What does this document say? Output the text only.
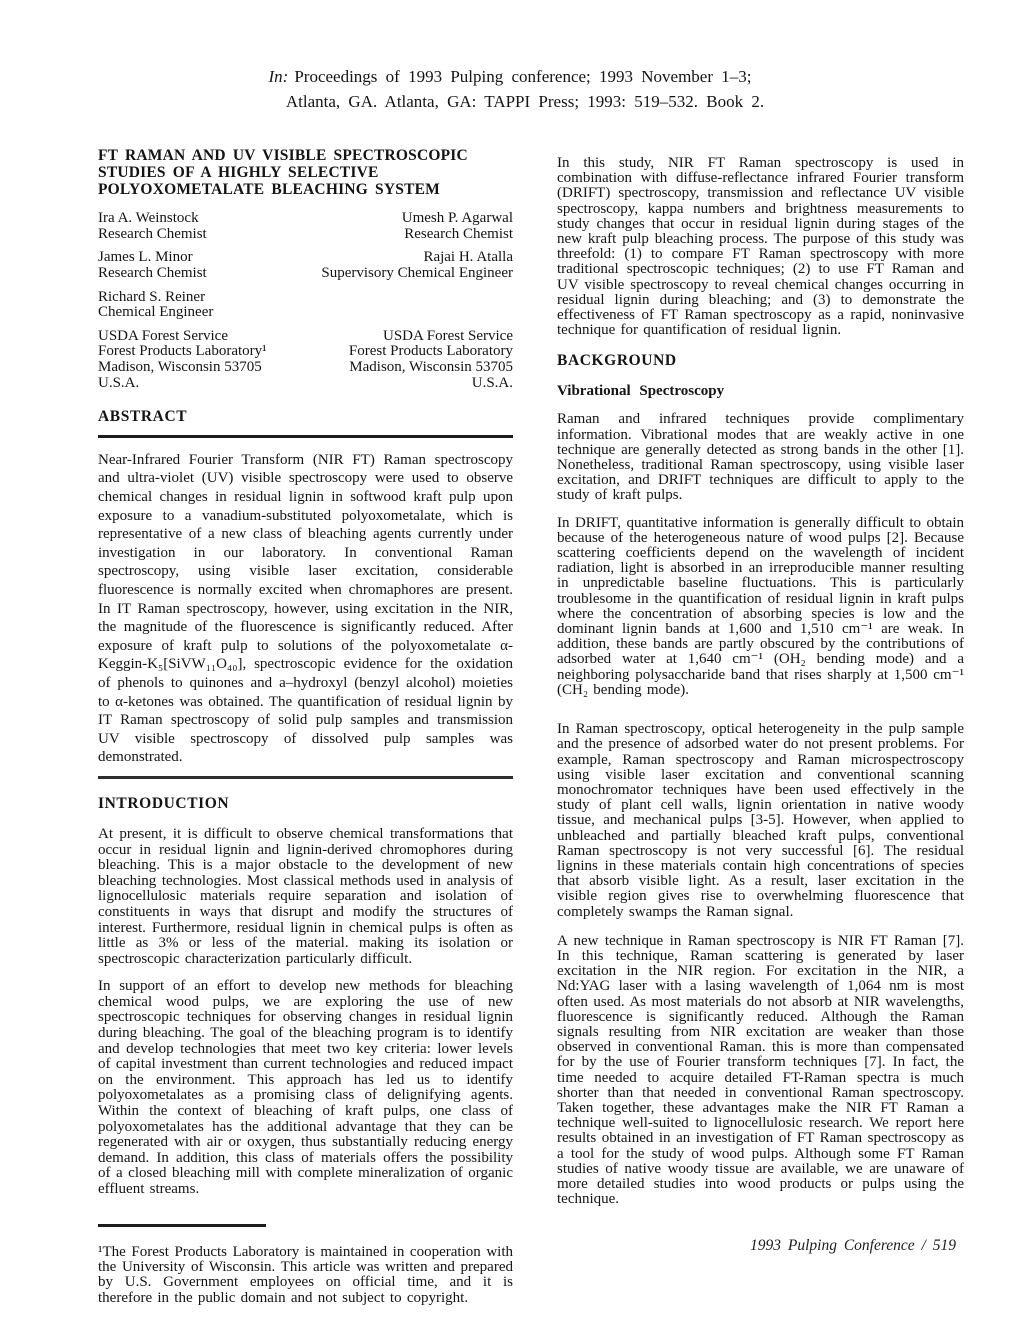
In: Proceedings of 1993 Pulping conference; 1993 November 1–3;
Atlanta, GA. Atlanta, GA: TAPPI Press; 1993: 519–532. Book 2.
FT RAMAN AND UV VISIBLE SPECTROSCOPIC
STUDIES OF A HIGHLY SELECTIVE
POLYOXOMETALATE BLEACHING SYSTEM
Ira A. Weinstock
Research Chemist
Umesh P. Agarwal
Research Chemist
James L. Minor
Research Chemist
Rajai H. Atalla
Supervisory Chemical Engineer
Richard S. Reiner
Chemical Engineer
USDA Forest Service
Forest Products Laboratory¹
Madison, Wisconsin 53705
U.S.A.
USDA Forest Service
Forest Products Laboratory
Madison, Wisconsin 53705
U.S.A.
ABSTRACT

Near-Infrared Fourier Transform (NIR FT) Raman spectroscopy and ultra-violet (UV) visible spectroscopy were used to observe chemical changes in residual lignin in softwood kraft pulp upon exposure to a vanadium-substituted polyoxometalate, which is representative of a new class of bleaching agents currently under investigation in our laboratory. In conventional Raman spectroscopy, using visible laser excitation, considerable fluorescence is normally excited when chromaphores are present. In IT Raman spectroscopy, however, using excitation in the NIR, the magnitude of the fluorescence is significantly reduced. After exposure of kraft pulp to solutions of the polyoxometalate α-Keggin-K₅[SiVW₁₁O₄₀], spectroscopic evidence for the oxidation of phenols to quinones and a–hydroxyl (benzyl alcohol) moieties to α-ketones was obtained. The quantification of residual lignin by IT Raman spectroscopy of solid pulp samples and transmission UV visible spectroscopy of dissolved pulp samples was demonstrated.

INTRODUCTION

At present, it is difficult to observe chemical transformations that occur in residual lignin and lignin-derived chromophores during bleaching. This is a major obstacle to the development of new bleaching technologies. Most classical methods used in analysis of lignocellulosic materials require separation and isolation of constituents in ways that disrupt and modify the structures of interest. Furthermore, residual lignin in chemical pulps is often as little as 3% or less of the material. making its isolation or spectroscopic characterization particularly difficult.

In support of an effort to develop new methods for bleaching chemical wood pulps, we are exploring the use of new spectroscopic techniques for observing changes in residual lignin during bleaching. The goal of the bleaching program is to identify and develop technologies that meet two key criteria: lower levels of capital investment than current technologies and reduced impact on the environment. This approach has led us to identify polyoxometalates as a promising class of delignifying agents. Within the context of bleaching of kraft pulps, one class of polyoxometalates has the additional advantage that they can be regenerated with air or oxygen, thus substantially reducing energy demand. In addition, this class of materials offers the possibility of a closed bleaching mill with complete mineralization of organic effluent streams.

¹The Forest Products Laboratory is maintained in cooperation with the University of Wisconsin. This article was written and prepared by U.S. Government employees on official time, and it is therefore in the public domain and not subject to copyright.

In this study, NIR FT Raman spectroscopy is used in combination with diffuse-reflectance infrared Fourier transform (DRIFT) spectroscopy, transmission and reflectance UV visible spectroscopy, kappa numbers and brightness measurements to study changes that occur in residual lignin during stages of the new kraft pulp bleaching process. The purpose of this study was threefold: (1) to compare FT Raman spectroscopy with more traditional spectroscopic techniques; (2) to use FT Raman and UV visible spectroscopy to reveal chemical changes occurring in residual lignin during bleaching; and (3) to demonstrate the effectiveness of FT Raman spectroscopy as a rapid, noninvasive technique for quantification of residual lignin.

BACKGROUND
Vibrational Spectroscopy

Raman and infrared techniques provide complimentary information. Vibrational modes that are weakly active in one technique are generally detected as strong bands in the other [1]. Nonetheless, traditional Raman spectroscopy, using visible laser excitation, and DRIFT techniques are difficult to apply to the study of kraft pulps.

In DRIFT, quantitative information is generally difficult to obtain because of the heterogeneous nature of wood pulps [2]. Because scattering coefficients depend on the wavelength of incident radiation, light is absorbed in an irreproducible manner resulting in unpredictable baseline fluctuations. This is particularly troublesome in the quantification of residual lignin in kraft pulps where the concentration of absorbing species is low and the dominant lignin bands at 1,600 and 1,510 cm⁻¹ are weak. In addition, these bands are partly obscured by the contributions of adsorbed water at 1,640 cm⁻¹ (OH₂ bending mode) and a neighboring polysaccharide band that rises sharply at 1,500 cm⁻¹ (CH₂ bending mode).

In Raman spectroscopy, optical heterogeneity in the pulp sample and the presence of adsorbed water do not present problems. For example, Raman spectroscopy and Raman microspectroscopy using visible laser excitation and conventional scanning monochromator techniques have been used effectively in the study of plant cell walls, lignin orientation in native woody tissue, and mechanical pulps [3-5]. However, when applied to unbleached and partially bleached kraft pulps, conventional Raman spectroscopy is not very successful [6]. The residual lignins in these materials contain high concentrations of species that absorb visible light. As a result, laser excitation in the visible region gives rise to overwhelming fluorescence that completely swamps the Raman signal.

A new technique in Raman spectroscopy is NIR FT Raman [7]. In this technique, Raman scattering is generated by laser excitation in the NIR region. For excitation in the NIR, a Nd:YAG laser with a lasing wavelength of 1,064 nm is most often used. As most materials do not absorb at NIR wavelengths, fluorescence is significantly reduced. Although the Raman signals resulting from NIR excitation are weaker than those observed in conventional Raman. this is more than compensated for by the use of Fourier transform techniques [7]. In fact, the time needed to acquire detailed FT-Raman spectra is much shorter than that needed in conventional Raman spectroscopy. Taken together, these advantages make the NIR FT Raman a technique well-suited to lignocellulosic research. We report here results obtained in an investigation of FT Raman spectroscopy as a tool for the study of wood pulps. Although some FT Raman studies of native woody tissue are available, we are unaware of more detailed studies into wood products or pulps using the technique.

1993 Pulping Conference / 519
